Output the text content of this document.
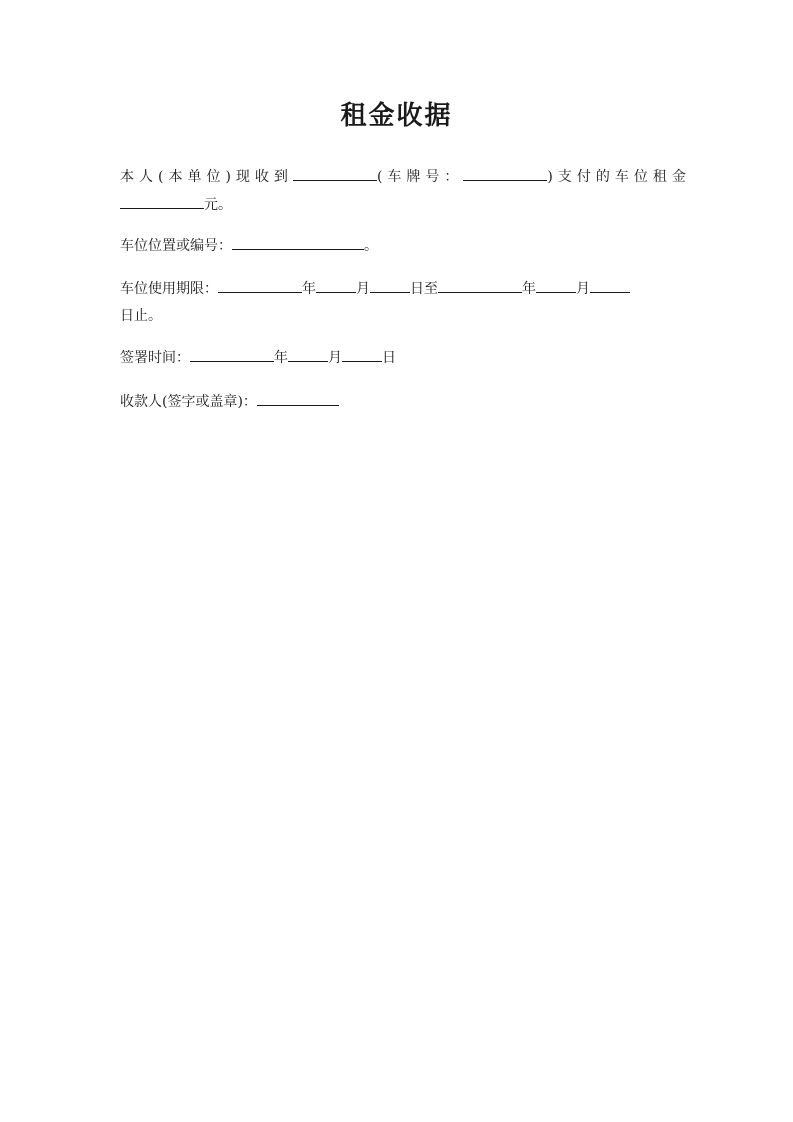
租金收据
本人(本单位)现收到	(车牌号：	)支付的车位租金
元。
车位位置或编号：	。
车位使用期限：	年	月	日至	年	月
日止。
签署时间：	年	月	日
收款人(签字或盖章)：
